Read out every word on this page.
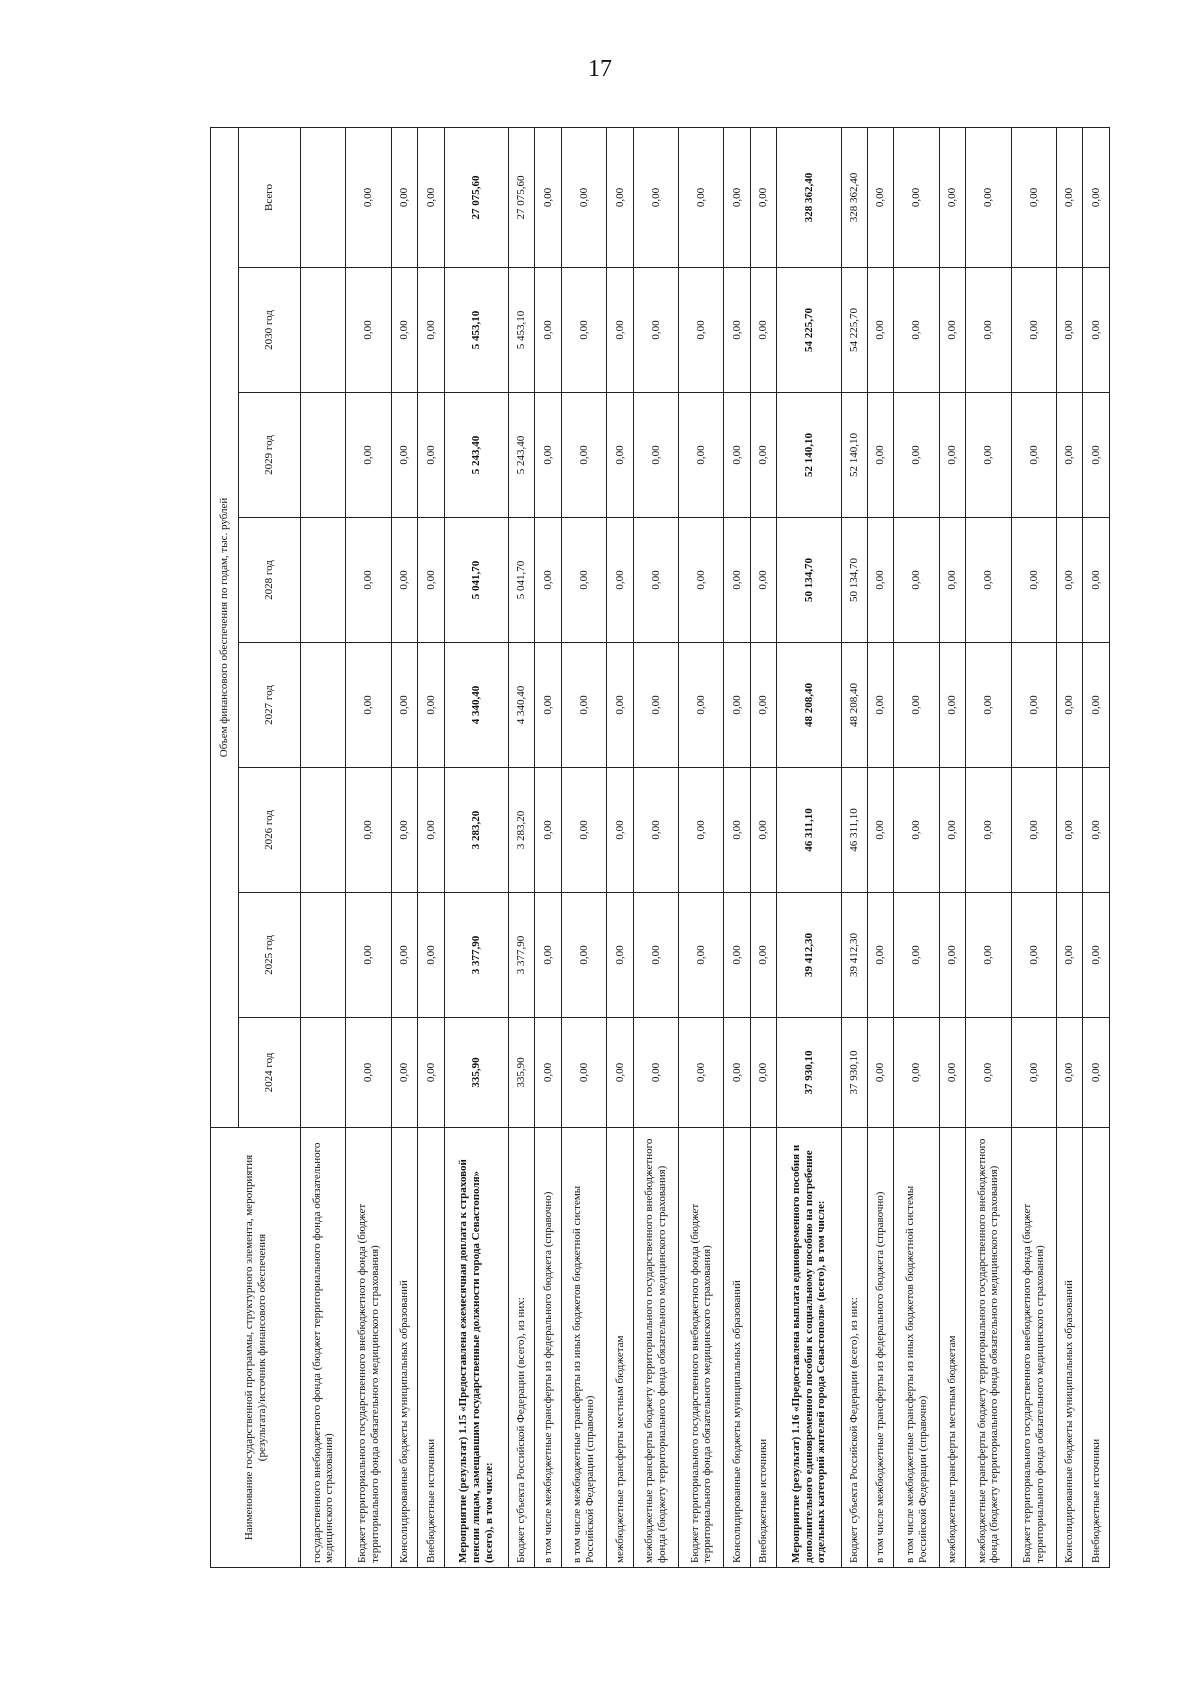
17
Наименование государственной программы, структурного элемента, мероприятия (результата)/источник финансового обеспечения	Объем финансового обеспечения по годам, тыс. рублей							
	2024 год	2025 год	2026 год	2027 год	2028 год	2029 год	2030 год	Всего
государственного внебюджетного фонда (бюджет территориального фонда обязательного медицинского страхования)								
Бюджет территориального государственного внебюджетного фонда (бюджет территориального фонда обязательного медицинского страхования)	0,00	0,00	0,00	0,00	0,00	0,00	0,00	0,00
Консолидированные бюджеты муниципальных образований	0,00	0,00	0,00	0,00	0,00	0,00	0,00	0,00
Внебюджетные источники	0,00	0,00	0,00	0,00	0,00	0,00	0,00	0,00
Мероприятие (результат) 1.15 «Предоставлена ежемесячная доплата к страховой пенсии лицам, замещавшим государственные должности города Севастополя» (всего), в том числе:	335,90	3 377,90	3 283,20	4 340,40	5 041,70	5 243,40	5 453,10	27 075,60
Бюджет субъекта Российской Федерации (всего), из них:	335,90	3 377,90	3 283,20	4 340,40	5 041,70	5 243,40	5 453,10	27 075,60
в том числе межбюджетные трансферты из федерального бюджета (справочно)	0,00	0,00	0,00	0,00	0,00	0,00	0,00	0,00
в том числе межбюджетные трансферты из иных бюджетов бюджетной системы Российской Федерации (справочно)	0,00	0,00	0,00	0,00	0,00	0,00	0,00	0,00
межбюджетные трансферты местным бюджетам	0,00	0,00	0,00	0,00	0,00	0,00	0,00	0,00
межбюджетные трансферты бюджету территориального государственного внебюджетного фонда (бюджету территориального фонда обязательного медицинского страхования)	0,00	0,00	0,00	0,00	0,00	0,00	0,00	0,00
Бюджет территориального государственного внебюджетного фонда (бюджет территориального фонда обязательного медицинского страхования)	0,00	0,00	0,00	0,00	0,00	0,00	0,00	0,00
Консолидированные бюджеты муниципальных образований	0,00	0,00	0,00	0,00	0,00	0,00	0,00	0,00
Внебюджетные источники	0,00	0,00	0,00	0,00	0,00	0,00	0,00	0,00
Мероприятие (результат) 1.16 «Предоставлена выплата единовременного пособия и дополнительного единовременного пособия к социальному пособию на погребение отдельных категорий жителей города Севастополя» (всего), в том числе:	37 930,10	39 412,30	46 311,10	48 208,40	50 134,70	52 140,10	54 225,70	328 362,40
Бюджет субъекта Российской Федерации (всего), из них:	37 930,10	39 412,30	46 311,10	48 208,40	50 134,70	52 140,10	54 225,70	328 362,40
в том числе межбюджетные трансферты из федерального бюджета (справочно)	0,00	0,00	0,00	0,00	0,00	0,00	0,00	0,00
в том числе межбюджетные трансферты из иных бюджетов бюджетной системы Российской Федерации (справочно)	0,00	0,00	0,00	0,00	0,00	0,00	0,00	0,00
межбюджетные трансферты местным бюджетам	0,00	0,00	0,00	0,00	0,00	0,00	0,00	0,00
межбюджетные трансферты бюджету территориального государственного внебюджетного фонда (бюджету территориального фонда обязательного медицинского страхования)	0,00	0,00	0,00	0,00	0,00	0,00	0,00	0,00
Бюджет территориального государственного внебюджетного фонда (бюджет территориального фонда обязательного медицинского страхования)	0,00	0,00	0,00	0,00	0,00	0,00	0,00	0,00
Консолидированные бюджеты муниципальных образований	0,00	0,00	0,00	0,00	0,00	0,00	0,00	0,00
Внебюджетные источники	0,00	0,00	0,00	0,00	0,00	0,00	0,00	0,00
